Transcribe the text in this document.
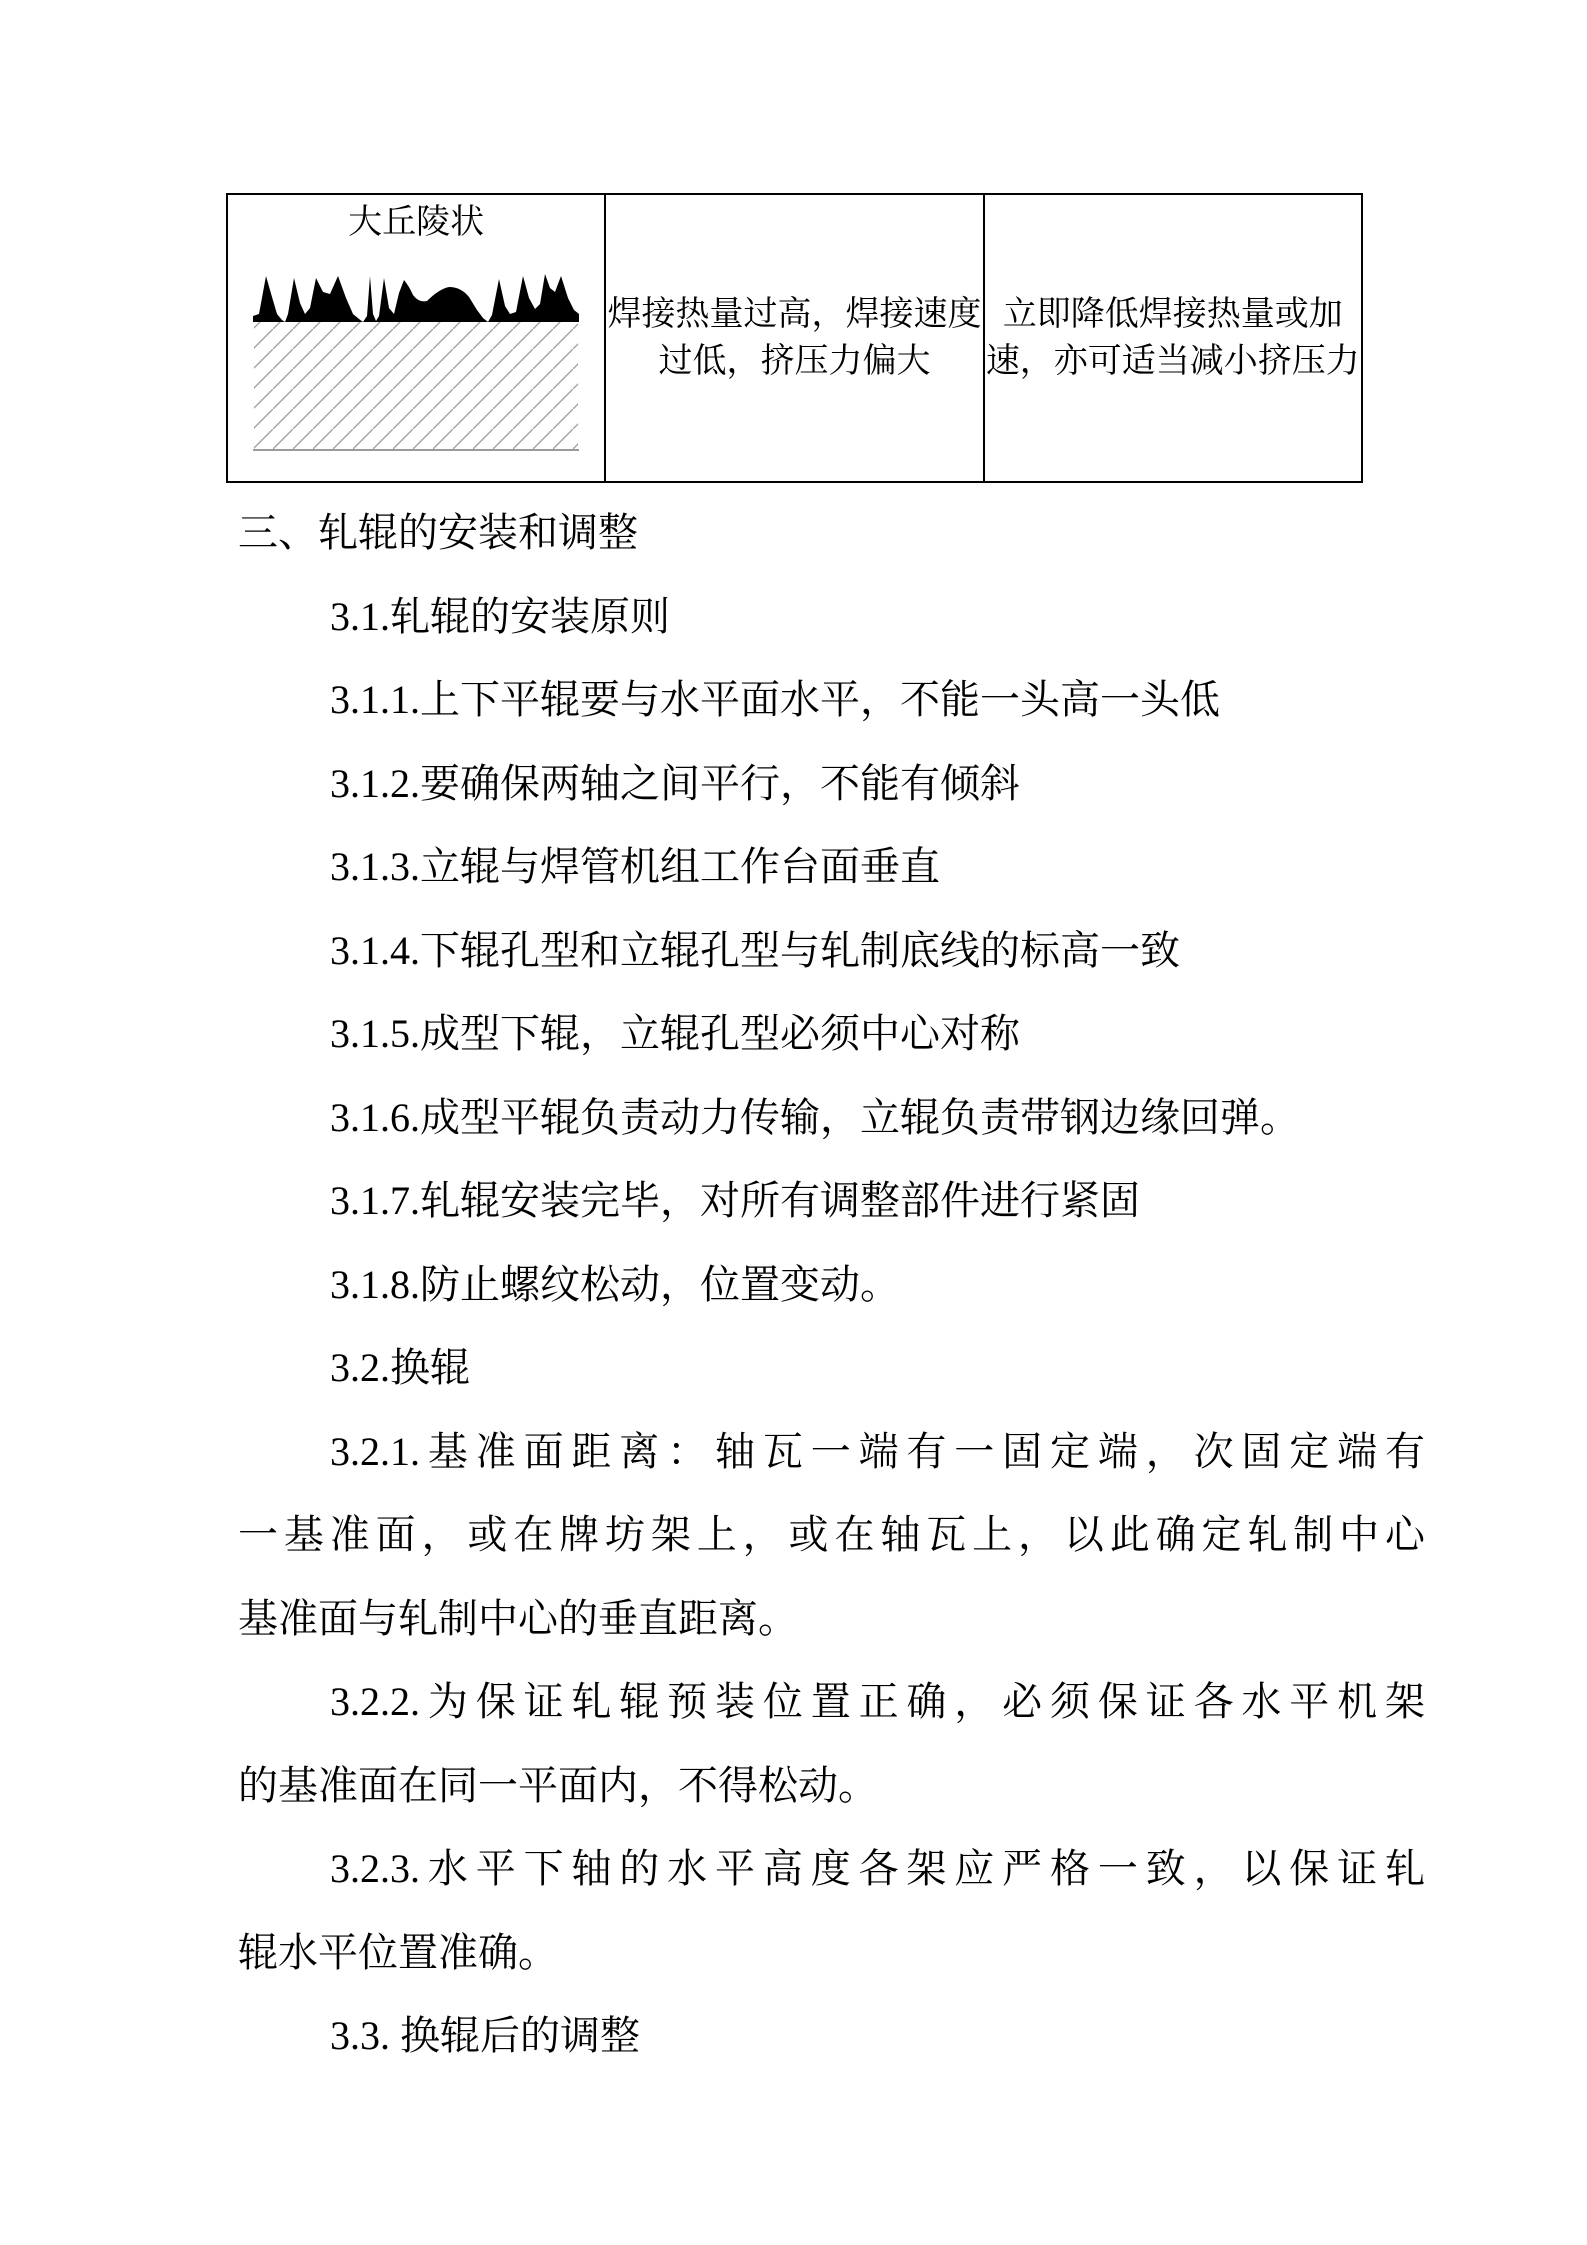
大丘陵状
焊接热量过高，焊接速度
过低，挤压力偏大
立即降低焊接热量或加
速，亦可适当减小挤压力
三、轧辊的安装和调整
3.1.轧辊的安装原则
3.1.1.上下平辊要与水平面水平，不能一头高一头低
3.1.2.要确保两轴之间平行，不能有倾斜
3.1.3.立辊与焊管机组工作台面垂直
3.1.4.下辊孔型和立辊孔型与轧制底线的标高一致
3.1.5.成型下辊，立辊孔型必须中心对称
3.1.6.成型平辊负责动力传输，立辊负责带钢边缘回弹。
3.1.7.轧辊安装完毕，对所有调整部件进行紧固
3.1.8.防止螺纹松动，位置变动。
3.2.换辊
3.2.1.基准面距离：轴瓦一端有一固定端，次固定端有
一基准面，或在牌坊架上，或在轴瓦上，以此确定轧制中心
基准面与轧制中心的垂直距离。
3.2.2.为保证轧辊预装位置正确，必须保证各水平机架
的基准面在同一平面内，不得松动。
3.2.3.水平下轴的水平高度各架应严格一致，以保证轧
辊水平位置准确。
3.3. 换辊后的调整
